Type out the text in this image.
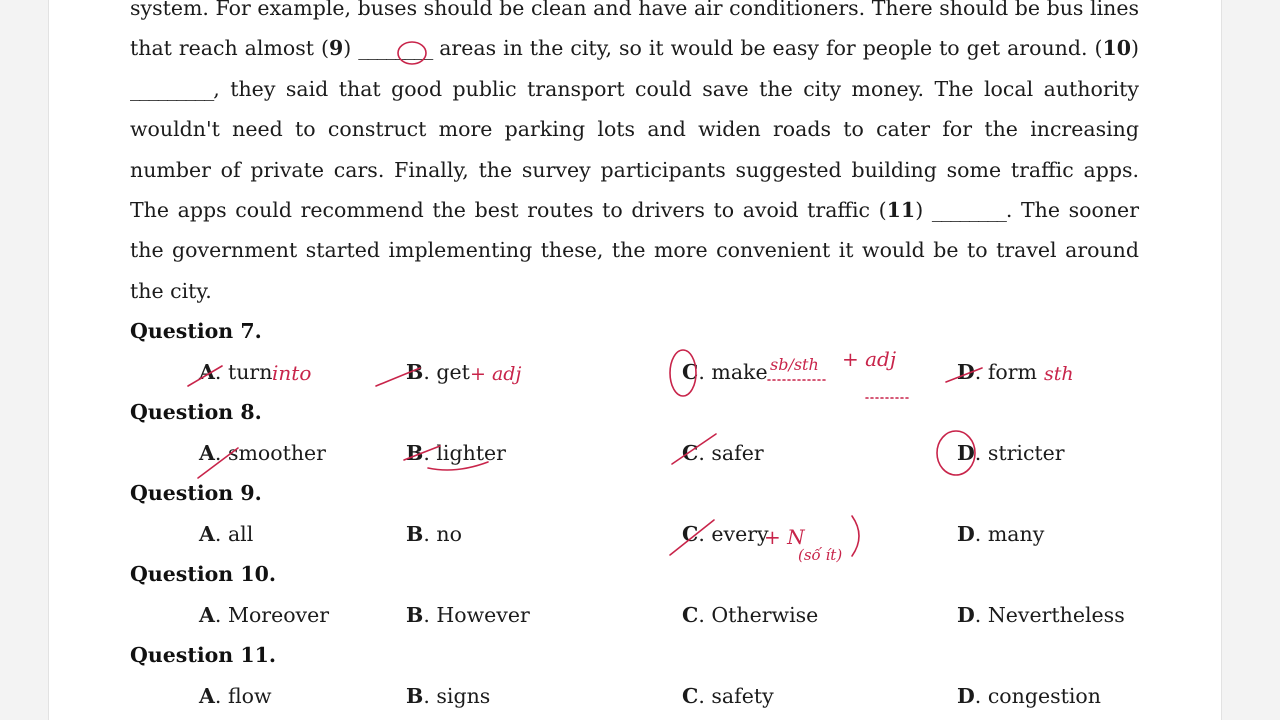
system. For example, buses should be clean and have air conditioners. There should be bus lines that reach almost (9) ________ areas in the city, so it would be easy for people to get around. (10) _________, they said that good public transport could save the city money. The local authority wouldn't need to construct more parking lots and widen roads to cater for the increasing number of private cars. Finally, the survey participants suggested building some traffic apps. The apps could recommend the best routes to drivers to avoid traffic (11) ________. The sooner the government started implementing these, the more convenient it would be to travel around the city.

Question 7.
A. turn	B. get	C. make	D. form
Question 8.
A. smoother	B. lighter	C. safer	D. stricter
Question 9.
A. all	B. no	C. every	D. many
Question 10.
A. Moreover	B. However	C. Otherwise	D. Nevertheless
Question 11.
A. flow	B. signs	C. safety	D. congestion
into	+ adj	sb/sth + adj
sth
+ N
(số ít)
